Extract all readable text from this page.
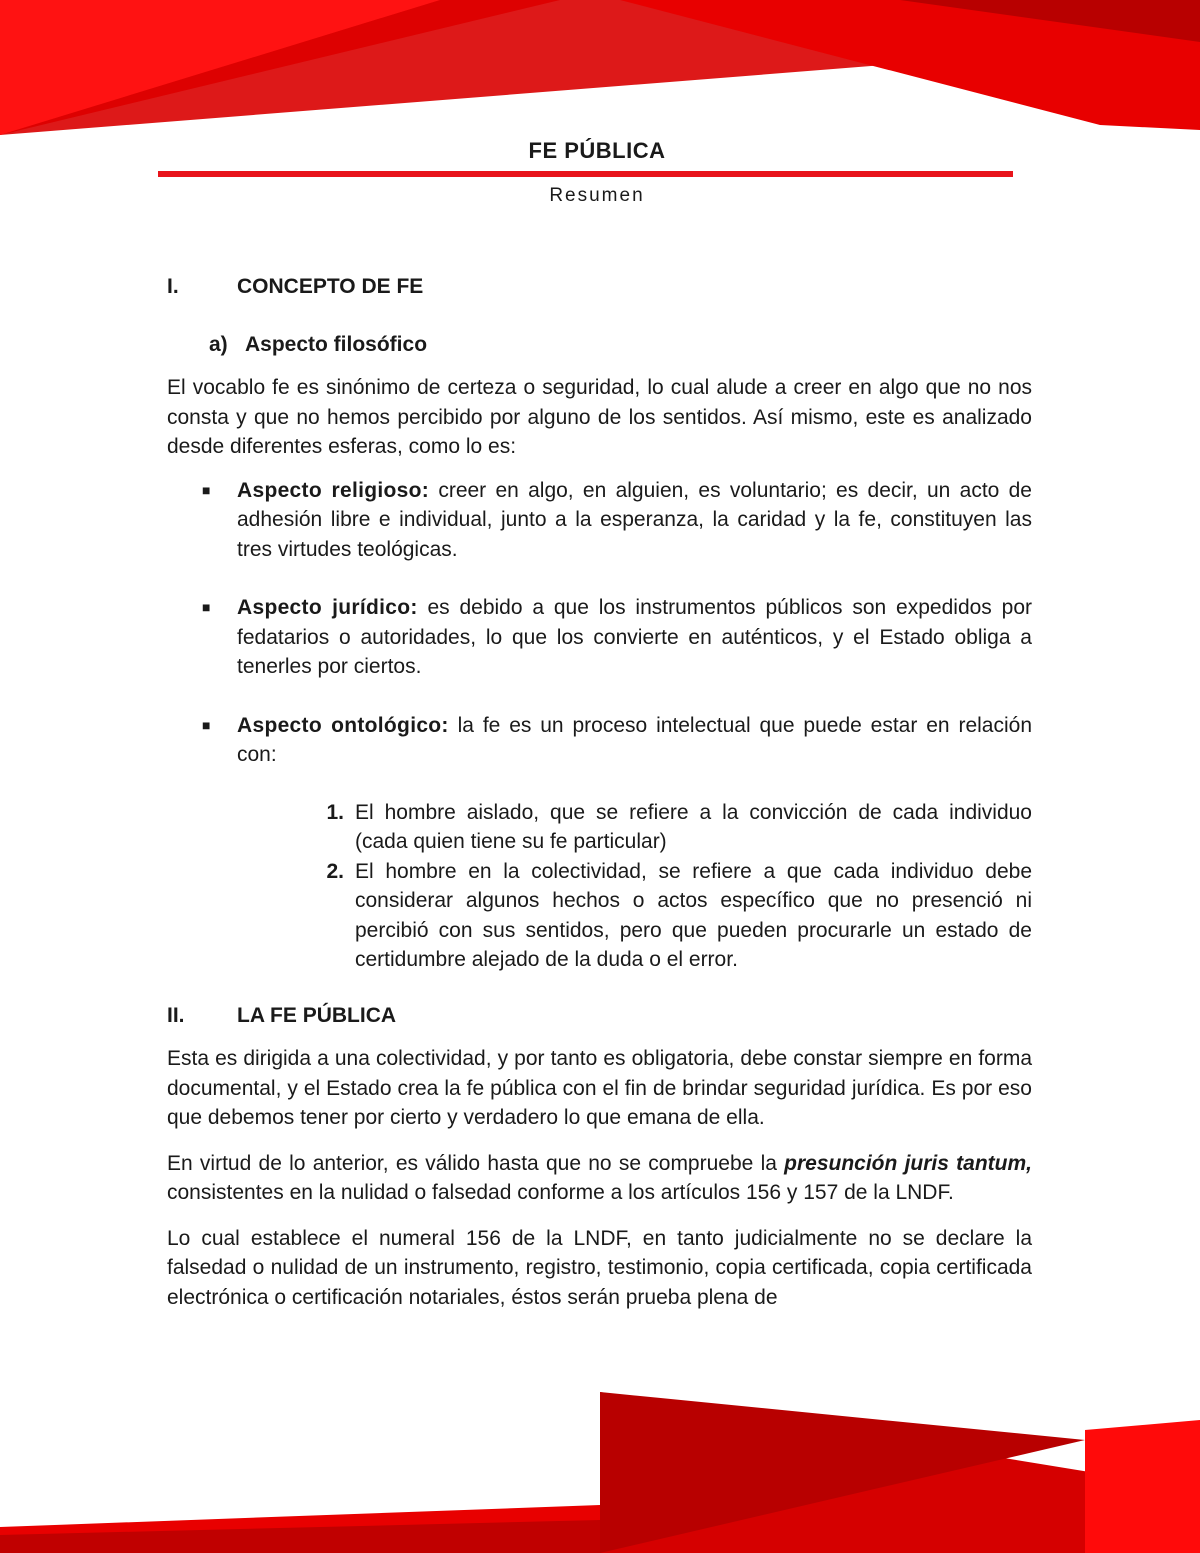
FE PÚBLICA
Resumen
I.	CONCEPTO DE FE
a) Aspecto filosófico

El vocablo fe es sinónimo de certeza o seguridad, lo cual alude a creer en algo que no nos consta y que no hemos percibido por alguno de los sentidos. Así mismo, este es analizado desde diferentes esferas, como lo es:

■	Aspecto religioso: creer en algo, en alguien, es voluntario; es decir, un acto de adhesión libre e individual, junto a la esperanza, la caridad y la fe, constituyen las tres virtudes teológicas.
■	Aspecto jurídico: es debido a que los instrumentos públicos son expedidos por fedatarios o autoridades, lo que los convierte en auténticos, y el Estado obliga a tenerles por ciertos.
■	Aspecto ontológico: la fe es un proceso intelectual que puede estar en relación con:
1. El hombre aislado, que se refiere a la convicción de cada individuo (cada quien tiene su fe particular)
2. El hombre en la colectividad, se refiere a que cada individuo debe considerar algunos hechos o actos específico que no presenció ni percibió con sus sentidos, pero que pueden procurarle un estado de certidumbre alejado de la duda o el error.
II.	LA FE PÚBLICA

Esta es dirigida a una colectividad, y por tanto es obligatoria, debe constar siempre en forma documental, y el Estado crea la fe pública con el fin de brindar seguridad jurídica. Es por eso que debemos tener por cierto y verdadero lo que emana de ella.

En virtud de lo anterior, es válido hasta que no se compruebe la presunción juris tantum, consistentes en la nulidad o falsedad conforme a los artículos 156 y 157 de la LNDF.

Lo cual establece el numeral 156 de la LNDF, en tanto judicialmente no se declare la falsedad o nulidad de un instrumento, registro, testimonio, copia certificada, copia certificada electrónica o certificación notariales, éstos serán prueba plena de
